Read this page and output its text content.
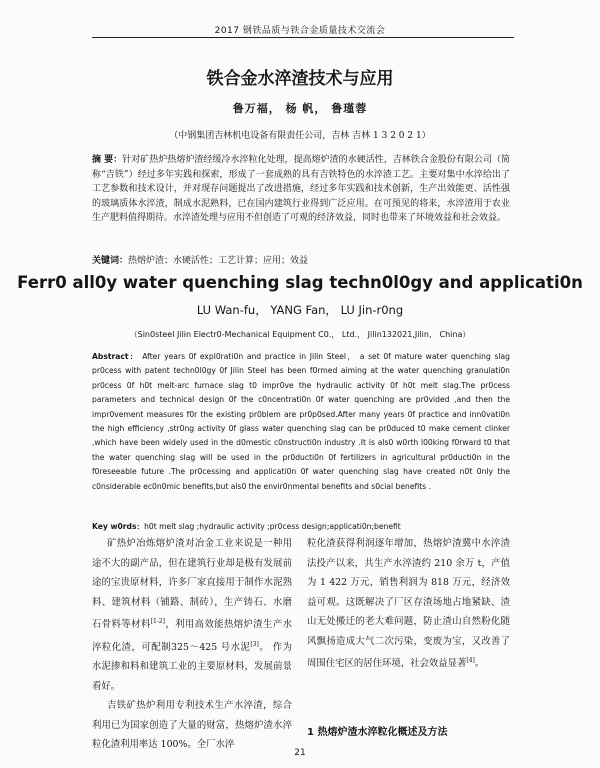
2017 钢铁品质与铁合金质量技术交流会
铁合金水淬渣技术与应用
鲁万福， 杨 帆， 鲁瑾蓉
（中钢集团吉林机电设备有限责任公司，吉林 吉林 1 3 2 0 2 1）
摘 要：针对矿热炉热熔炉渣经缓冷水淬粒化处理，提高熔炉渣的水硬活性，吉林铁合金股份有限公司（简称“吉铁”）经过多年实践和探索，形成了一套成熟的具有吉铁特色的水淬渣工艺。主要对集中水淬给出了工艺参数和技术设计，并对现存问题提出了改进措施，经过多年实践和技术创新，生产出效能更、活性强的玻璃质体水淬渣，制成水泥熟料，已在国内建筑行业得到广泛应用。在可预见的将来，水淬渣用于农业生产肥料值得期待。水淬渣处理与应用不但创造了可观的经济效益，同时也带来了环境效益和社会效益。
关键词：热熔炉渣；水硬活性；工艺计算；应用；效益
Ferr0 all0y water quenching slag techn0l0gy and applicati0n
LU Wan-fu， YANG Fan， LU Jin-r0ng
（Sin0steel Jilin Electr0-Mechanical Equipment C0.， Ltd.， Jilin132021,Jilin， China）
Abstract： After years 0f expl0rati0n and practice in Jilin Steel， a set 0f mature water quenching slag pr0cess with patent techn0l0gy 0f Jilin Steel has been f0rmed aiming at the water quenching granulati0n pr0cess 0f h0t melt-arc furnace slag t0 impr0ve the hydraulic activity 0f h0t melt slag.The pr0cess parameters and technical design 0f the c0ncentrati0n 0f water quenching are pr0vided ,and then the impr0vement measures f0r the existing pr0blem are pr0p0sed.After many years 0f practice and inn0vati0n the high efficiency ,str0ng activity 0f glass water quenching slag can be pr0duced t0 make cement clinker ,which have been widely used in the d0mestic c0nstructi0n industry .It is als0 w0rth l00king f0rward t0 that the water quenching slag will be used in the pr0ducti0n 0f fertilizers in agricultural pr0ducti0n in the f0reseeable future .The pr0cessing and applicati0n 0f water quenching slag have created n0t 0nly the c0nsiderable ec0n0mic benefits,but als0 the envir0nmental benefits and s0cial benefits .
Key w0rds：h0t melt slag ;hydraulic activity ;pr0cess design;applicati0n;benefit
矿热炉冶炼熔炉渣对冶金工业来说是一种用途不大的副产品，但在建筑行业却是极有发展前途的宝贵原材料，许多厂家直接用于制作水泥熟料、建筑材料（铺路、制砖），生产铸石、水磨石骨料等材料[1-2]，利用高效能热熔炉渣生产水淬粒化渣，可配制325～425 号水泥[3]。 作为水泥掺和料和建筑工业的主要原材料，发展前景看好。
吉铁矿热炉利用专利技术生产水淬渣，综合利用已为国家创造了大量的财富，热熔炉渣水淬粒化渣利用率达 100%。全厂水淬
粒化渣获得利润逐年增加，热熔炉渣冀中水淬渣法投产以来，共生产水淬渣约 210 余万 t，产值为 1 422 万元，销售利润为 818 万元，经济效益可观。这既解决了厂区存渣场地占地紧缺、渣山无处搬迁的老大难问题，防止渣山自然粉化随风飘扬造成大气二次污染，变废为宝，又改善了周围住宅区的居住环境，社会效益显著[4]。
1 热熔炉渣水淬粒化概述及方法
21
